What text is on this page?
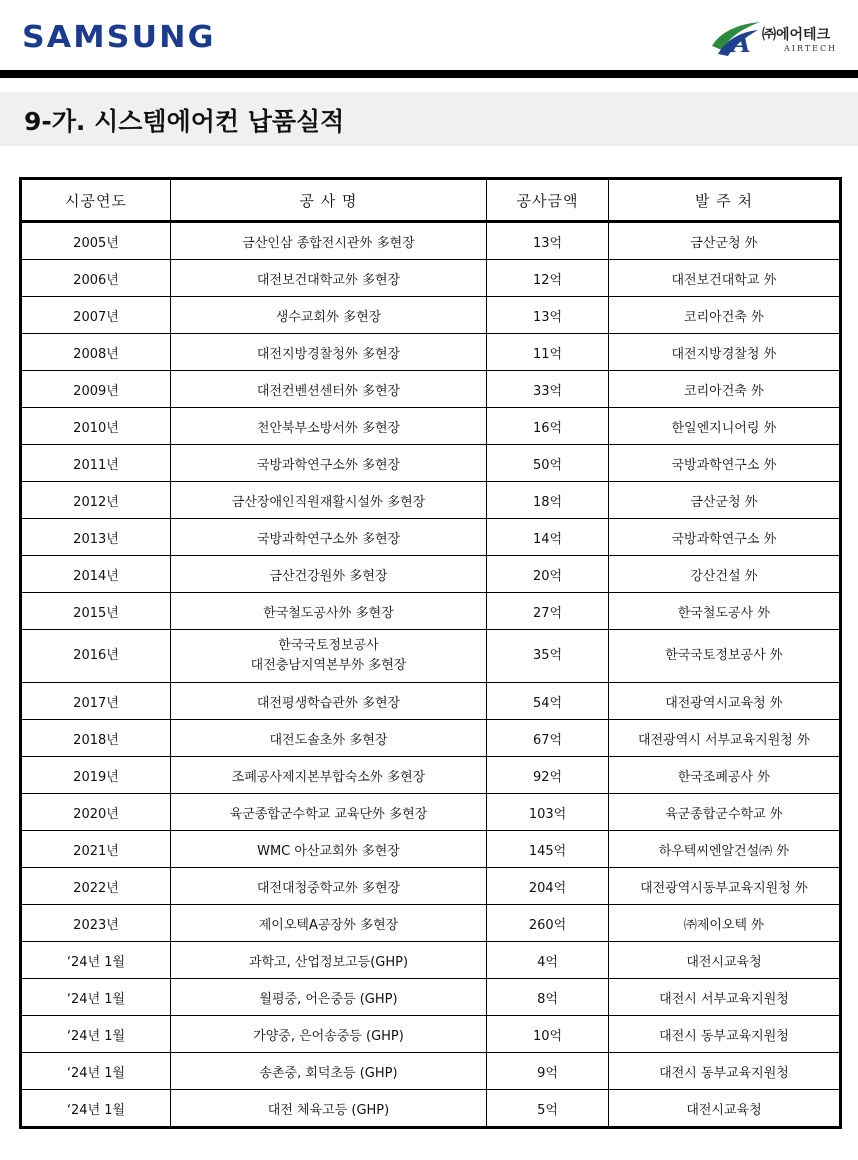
SAMSUNG	A ㈜에어테크
AIRTECH
9-가. 시스템에어컨 납품실적
시공연도	공 사 명	공사금액	발 주 처
2005년	금산인삼 종합전시관外 多현장	13억	금산군청 外
2006년	대전보건대학교外 多현장	12억	대전보건대학교 外
2007년	생수교회外 多현장	13억	코리아건축 外
2008년	대전지방경찰청外 多현장	11억	대전지방경찰청 外
2009년	대전컨벤션센터外 多현장	33억	코리아건축 外
2010년	천안북부소방서外 多현장	16억	한일엔지니어링 外
2011년	국방과학연구소外 多현장	50억	국방과학연구소 外
2012년	금산장애인직원재활시설外 多현장	18억	금산군청 外
2013년	국방과학연구소外 多현장	14억	국방과학연구소 外
2014년	금산건강원外 多현장	20억	강산건설 外
2015년	한국철도공사外 多현장	27억	한국철도공사 外
2016년	한국국토정보공사
대전충남지역본부外 多현장	35억	한국국토정보공사 外
2017년	대전평생학습관外 多현장	54억	대전광역시교육청 外
2018년	대전도솔초外 多현장	67억	대전광역시 서부교육지원청 外
2019년	조폐공사제지본부합숙소外 多현장	92억	한국조폐공사 外
2020년	육군종합군수학교 교육단外 多현장	103억	육군종합군수학교 外
2021년	WMC 아산교회外 多현장	145억	하우텍씨엔알건설㈜ 外
2022년	대전대청중학교外 多현장	204억	대전광역시동부교육지원청 外
2023년	제이오텍A공장外 多현장	260억	㈜제이오텍 外
‘24년 1월	과학고, 산업정보고등(GHP)	4억	대전시교육청
‘24년 1월	월평중, 어은중등 (GHP)	8억	대전시 서부교육지원청
‘24년 1월	가양중, 은어송중등 (GHP)	10억	대전시 동부교육지원청
‘24년 1월	송촌중, 회덕초등 (GHP)	9억	대전시 동부교육지원청
‘24년 1월	대전 체육고등 (GHP)	5억	대전시교육청
